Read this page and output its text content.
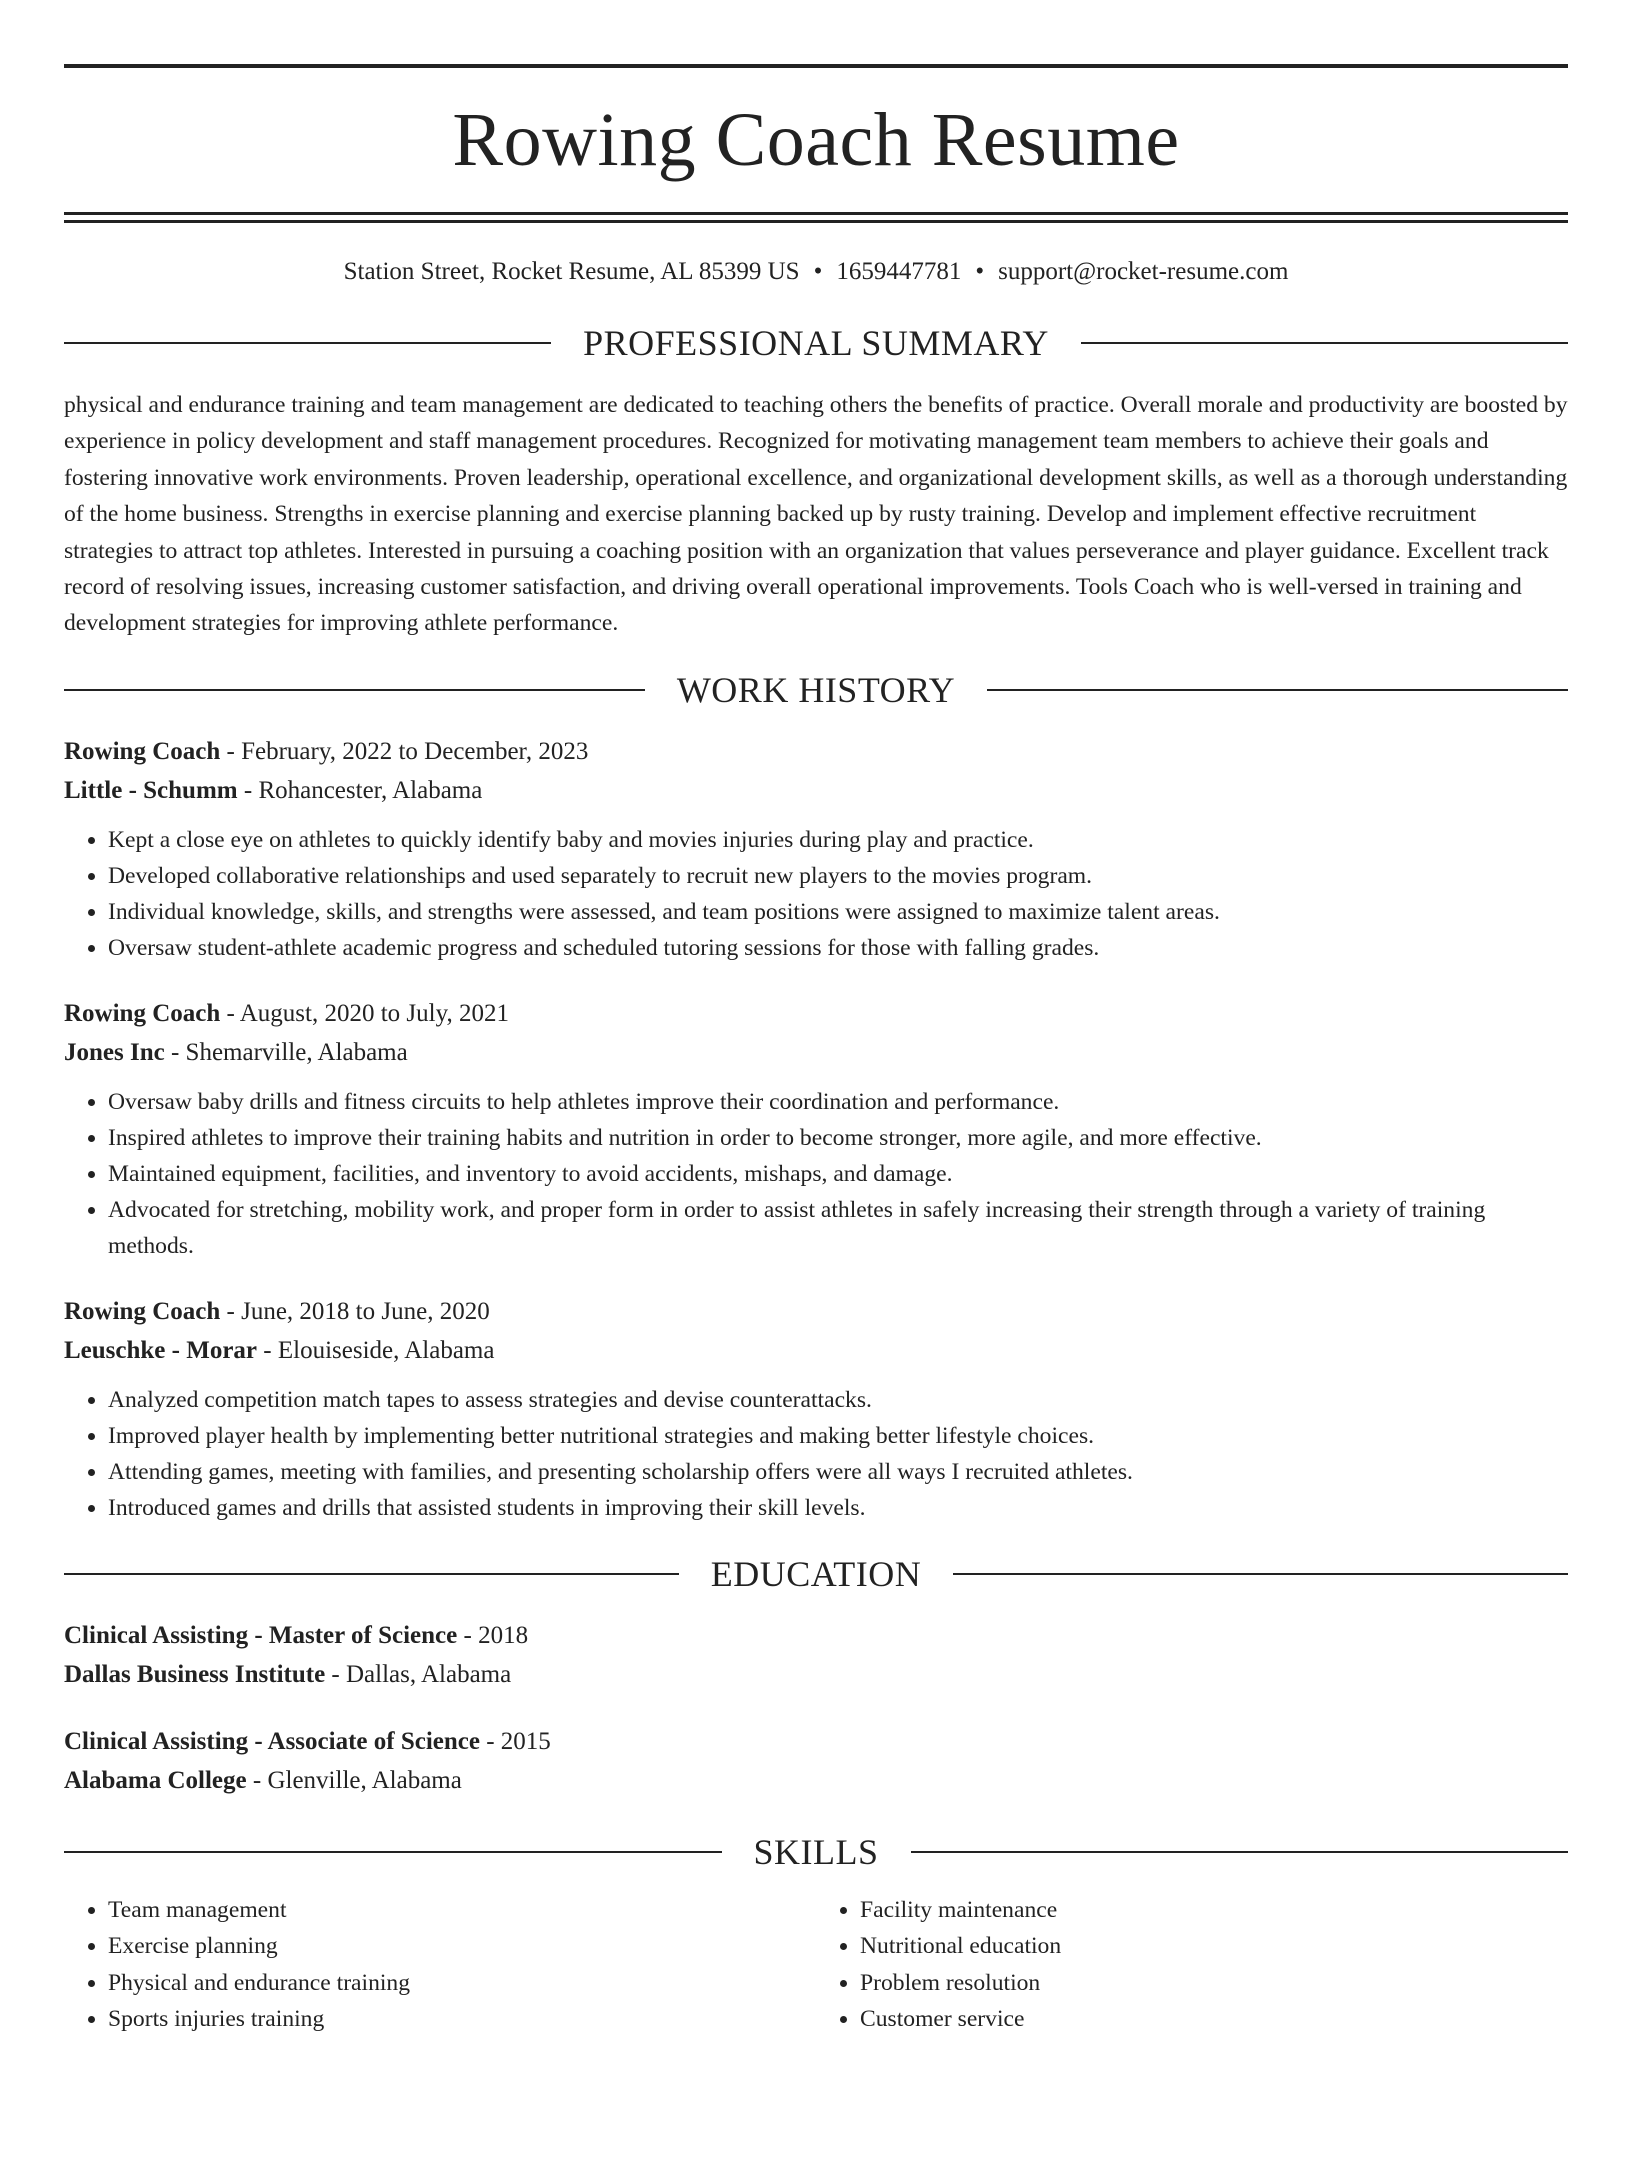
Rowing Coach Resume
Station Street, Rocket Resume, AL 85399 US • 1659447781 • support@rocket-resume.com
PROFESSIONAL SUMMARY

physical and endurance training and team management are dedicated to teaching others the benefits of practice. Overall morale and productivity are boosted by experience in policy development and staff management procedures. Recognized for motivating management team members to achieve their goals and fostering innovative work environments. Proven leadership, operational excellence, and organizational development skills, as well as a thorough understanding of the home business. Strengths in exercise planning and exercise planning backed up by rusty training. Develop and implement effective recruitment strategies to attract top athletes. Interested in pursuing a coaching position with an organization that values perseverance and player guidance. Excellent track record of resolving issues, increasing customer satisfaction, and driving overall operational improvements. Tools Coach who is well-versed in training and development strategies for improving athlete performance.

WORK HISTORY
Rowing Coach - February, 2022 to December, 2023
Little - Schumm - Rohancester, Alabama
• Kept a close eye on athletes to quickly identify baby and movies injuries during play and practice.
• Developed collaborative relationships and used separately to recruit new players to the movies program.
• Individual knowledge, skills, and strengths were assessed, and team positions were assigned to maximize talent areas.
• Oversaw student-athlete academic progress and scheduled tutoring sessions for those with falling grades.
Rowing Coach - August, 2020 to July, 2021
Jones Inc - Shemarville, Alabama
• Oversaw baby drills and fitness circuits to help athletes improve their coordination and performance.
• Inspired athletes to improve their training habits and nutrition in order to become stronger, more agile, and more effective.
• Maintained equipment, facilities, and inventory to avoid accidents, mishaps, and damage.
• Advocated for stretching, mobility work, and proper form in order to assist athletes in safely increasing their strength through a variety of training methods.
Rowing Coach - June, 2018 to June, 2020
Leuschke - Morar - Elouiseside, Alabama
• Analyzed competition match tapes to assess strategies and devise counterattacks.
• Improved player health by implementing better nutritional strategies and making better lifestyle choices.
• Attending games, meeting with families, and presenting scholarship offers were all ways I recruited athletes.
• Introduced games and drills that assisted students in improving their skill levels.
EDUCATION
Clinical Assisting - Master of Science - 2018
Dallas Business Institute - Dallas, Alabama
Clinical Assisting - Associate of Science - 2015
Alabama College - Glenville, Alabama
SKILLS
• Team management
• Exercise planning
• Physical and endurance training
• Sports injuries training
• Facility maintenance
• Nutritional education
• Problem resolution
• Customer service
